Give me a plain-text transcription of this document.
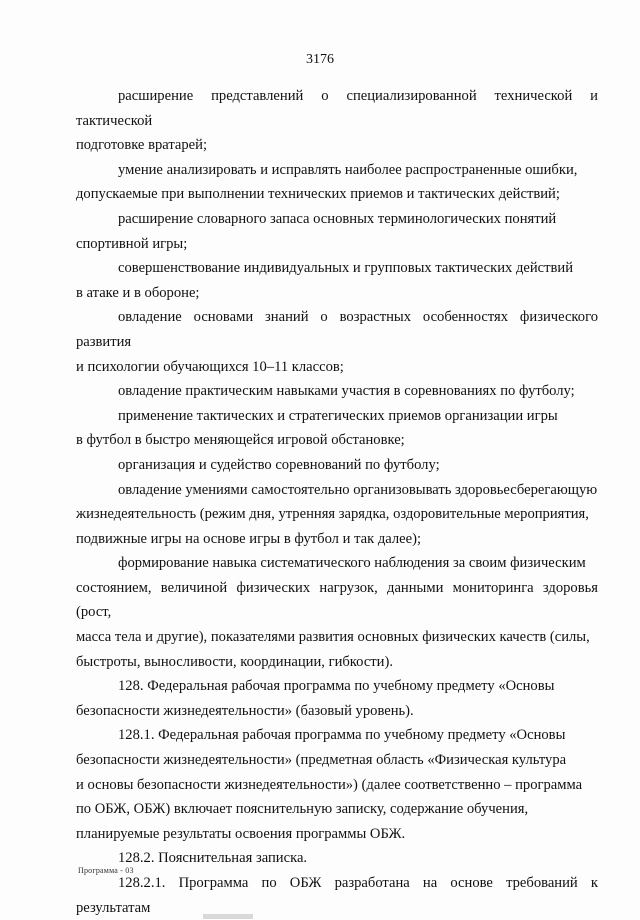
3176

расширение представлений о специализированной технической и тактической
подготовке вратарей;

умение анализировать и исправлять наиболее распространенные ошибки,
допускаемые при выполнении технических приемов и тактических действий;

расширение словарного запаса основных терминологических понятий
спортивной игры;

совершенствование индивидуальных и групповых тактических действий
в атаке и в обороне;

овладение основами знаний о возрастных особенностях физического развития
и психологии обучающихся 10–11 классов;

овладение практическим навыками участия в соревнованиях по футболу;

применение тактических и стратегических приемов организации игры
в футбол в быстро меняющейся игровой обстановке;

организация и судейство соревнований по футболу;

овладение умениями самостоятельно организовывать здоровьесберегающую
жизнедеятельность (режим дня, утренняя зарядка, оздоровительные мероприятия,
подвижные игры на основе игры в футбол и так далее);

формирование навыка систематического наблюдения за своим физическим
состоянием, величиной физических нагрузок, данными мониторинга здоровья (рост,
масса тела и другие), показателями развития основных физических качеств (силы,
быстроты, выносливости, координации, гибкости).

128. Федеральная рабочая программа по учебному предмету «Основы
безопасности жизнедеятельности» (базовый уровень).

128.1. Федеральная рабочая программа по учебному предмету «Основы
безопасности жизнедеятельности» (предметная область «Физическая культура
и основы безопасности жизнедеятельности») (далее соответственно – программа
по ОБЖ, ОБЖ) включает пояснительную записку, содержание обучения,
планируемые результаты освоения программы ОБЖ.

128.2. Пояснительная записка.

128.2.1. Программа по ОБЖ разработана на основе требований к результатам

Программа - 03
